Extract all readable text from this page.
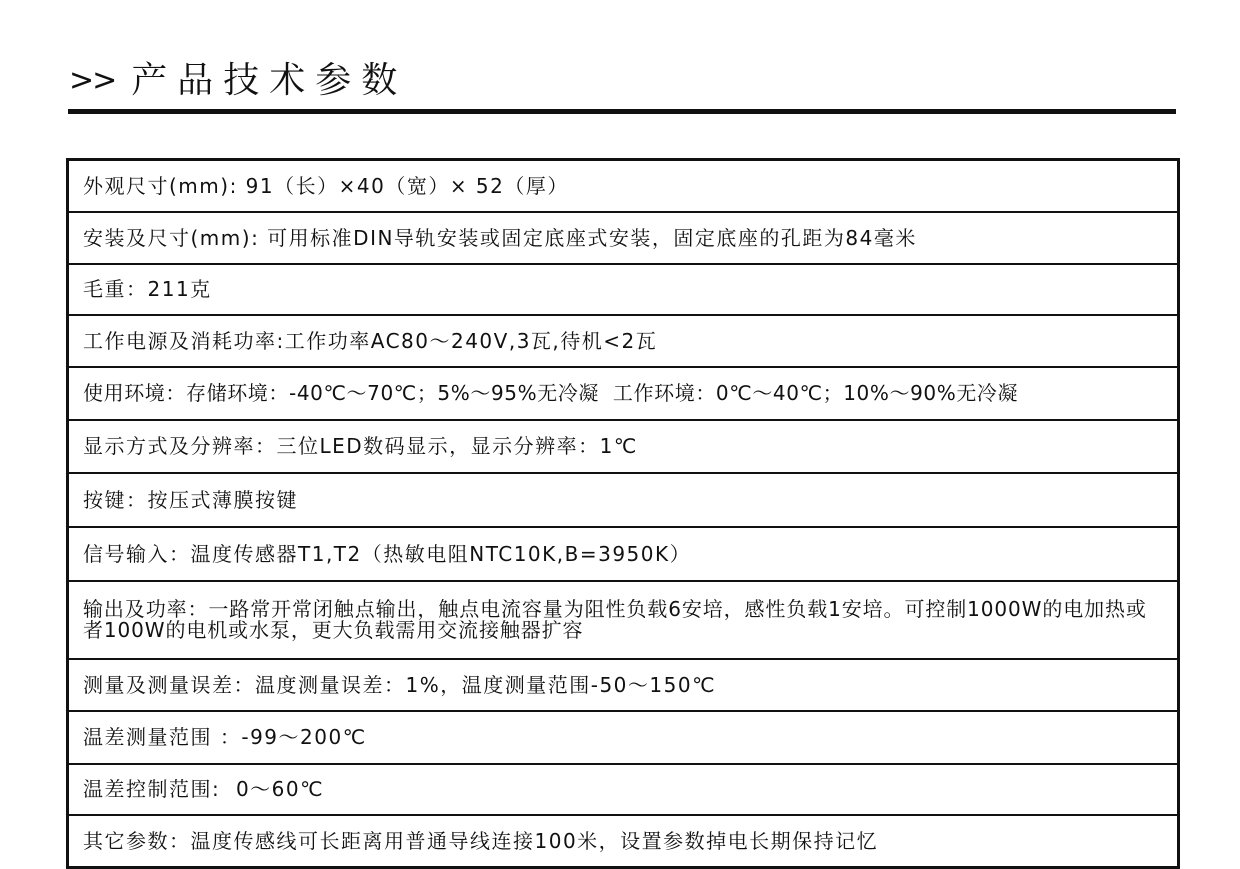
>> 产品技术参数
外观尺寸(mm): 91（长）×40（宽）× 52（厚）
安装及尺寸(mm): 可用标准DIN导轨安装或固定底座式安装，固定底座的孔距为84毫米
毛重：211克
工作电源及消耗功率:工作功率AC80～240V,3瓦,待机<2瓦
使用环境：存储环境：-40℃～70℃；5%～95%无冷凝  工作环境：0℃～40℃；10%～90%无冷凝
显示方式及分辨率：三位LED数码显示，显示分辨率：1℃
按键：按压式薄膜按键
信号输入：温度传感器T1,T2（热敏电阻NTC10K,B=3950K）
输出及功率：一路常开常闭触点输出，触点电流容量为阻性负载6安培，感性负载1安培。可控制1000W的电加热或者100W的电机或水泵，更大负载需用交流接触器扩容
测量及测量误差：温度测量误差：1%，温度测量范围-50～150℃
温差测量范围 ：-99～200℃
温差控制范围:  0～60℃
其它参数：温度传感线可长距离用普通导线连接100米，设置参数掉电长期保持记忆
